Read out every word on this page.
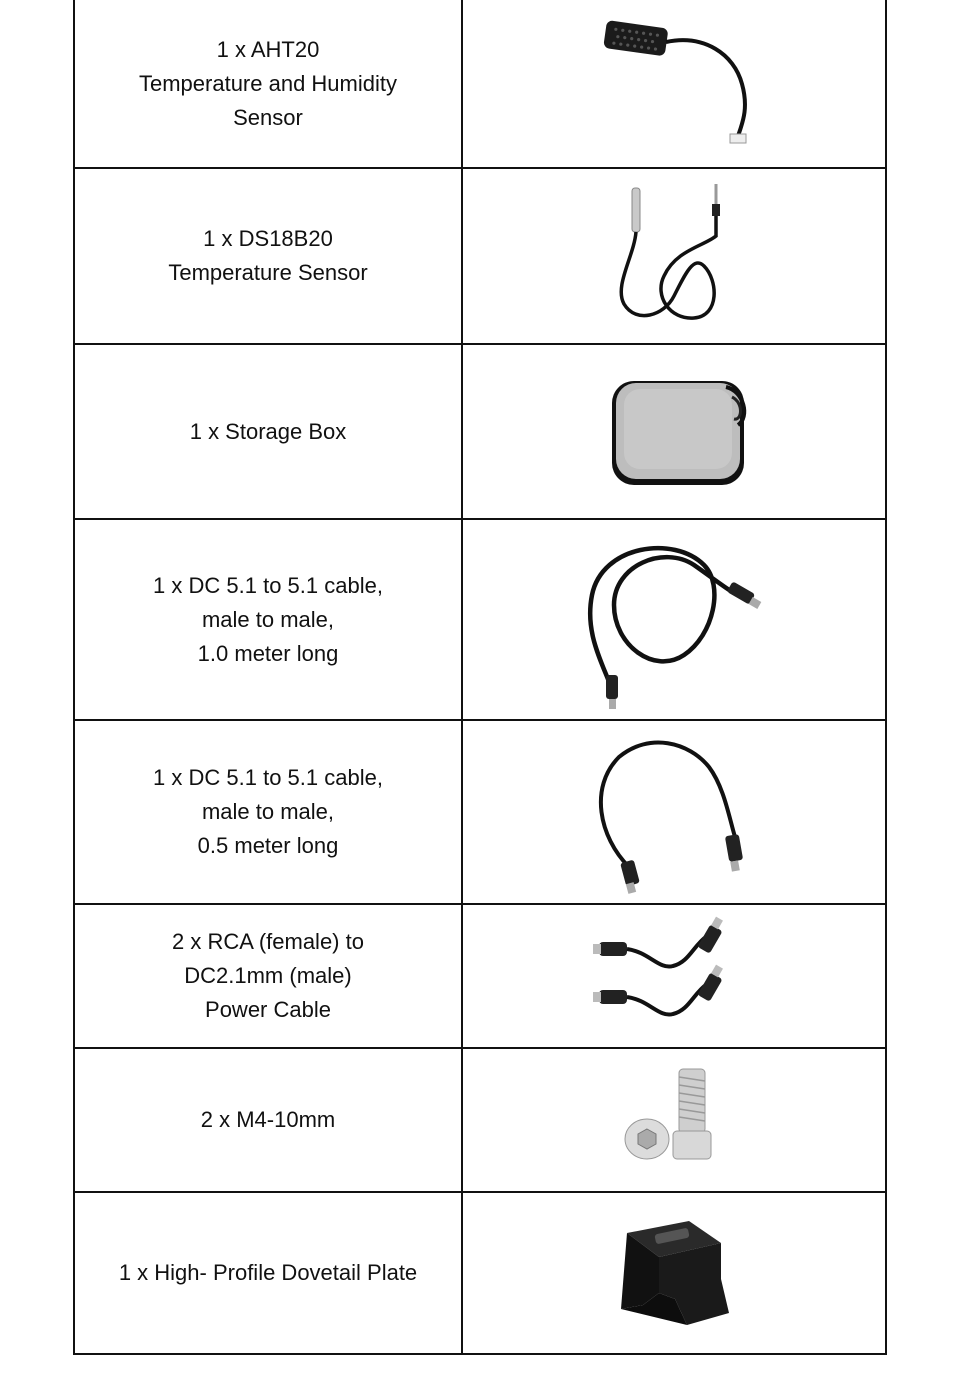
1 x AHT20
Temperature and Humidity
Sensor
1 x DS18B20
Temperature Sensor
1 x Storage Box
1 x DC 5.1 to 5.1 cable,
male to male,
1.0 meter long
1 x DC 5.1 to 5.1 cable,
male to male,
0.5 meter long
2 x RCA (female) to
DC2.1mm (male)
Power Cable
2 x M4-10mm
1 x High- Profile Dovetail Plate
